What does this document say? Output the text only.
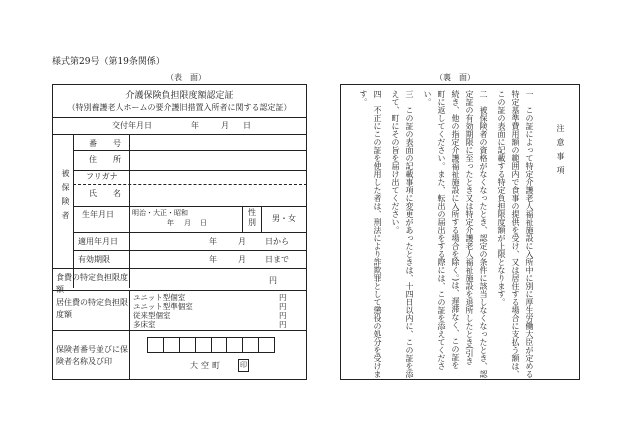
様式第29号（第19条関係）
（表　面）	（裏　面）
介護保険負担限度額認定証
（特別養護老人ホームの要介護旧措置入所者に関する認定証）
交付年月日	年	月 日
被保険者
番　　号
住　　所
フリガナ
氏　　名
生年月日	明治・大正・昭和
年 月 日
性別 男・女
適用年月日	年	月 日から
有効期限	年	月 日まで
食費の特定負担限度額
円
居住費の特定負担限度額
ユニット型個室	円
ユニット型準個室	円
従来型個室	円
多床室	円
保険者番号並びに保険者名称及び印	大空町 印
注意事項
一　この証によって特定介護老人福祉施設に入所中に別に厚生労働大臣が定める
特定基準費用額の範囲内で食事の提供を受け、又は居住する場合に支払う額は、
この証の表面に記載する特定負担限度額が上限となります。
二　被保険者の資格がなくなったとき、認定の条件に該当しなくなったとき、認
定証の有効期限に至ったとき又は特定介護老人福祉施設を退所したとき(引き
続き、他の指定介護福祉施設に入所する場合を除く。)は、遅滞なく、この証を
町に返してください。また、転出の届出をする際には、この証を添えてくださ
い。
三　この証の表面の記載事項に変更があったときは、十四日以内に、この証を添
えて、町にその旨を届け出てください。
四　不正にこの証を使用した者は、刑法により詐欺罪として懲役の処分を受けま
す。
